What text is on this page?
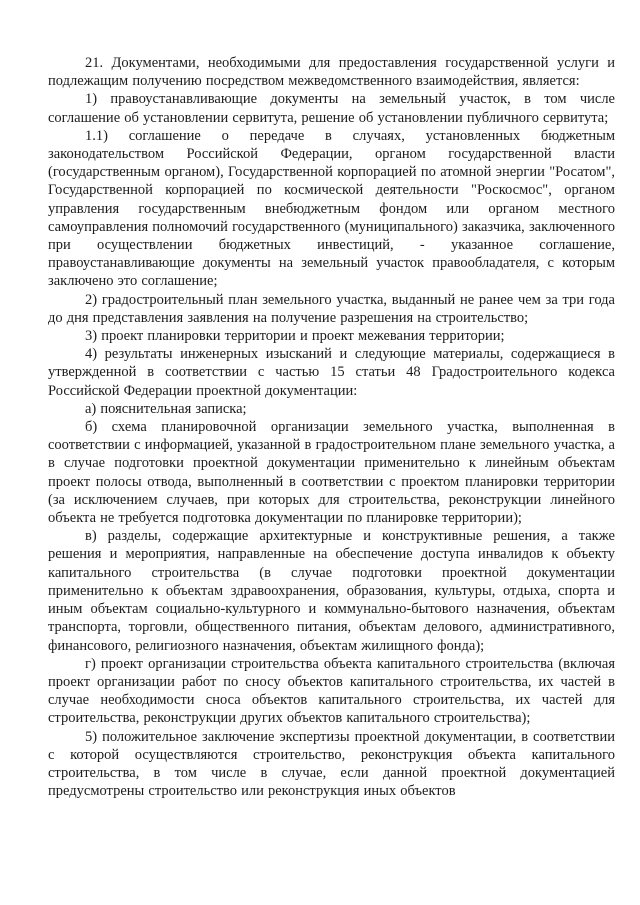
21. Документами, необходимыми для предоставления государственной услуги и подлежащим получению посредством межведомственного взаимодействия, является:

1) правоустанавливающие документы на земельный участок, в том числе соглашение об установлении сервитута, решение об установлении публичного сервитута;

1.1) соглашение о передаче в случаях, установленных бюджетным законодательством Российской Федерации, органом государственной власти (государственным органом), Государственной корпорацией по атомной энергии "Росатом", Государственной корпорацией по космической деятельности "Роскосмос", органом управления государственным внебюджетным фондом или органом местного самоуправления полномочий государственного (муниципального) заказчика, заключенного при осуществлении бюджетных инвестиций, - указанное соглашение, правоустанавливающие документы на земельный участок правообладателя, с которым заключено это соглашение;

2) градостроительный план земельного участка, выданный не ранее чем за три года до дня представления заявления на получение разрешения на строительство;

3) проект планировки территории и проект межевания территории;

4) результаты инженерных изысканий и следующие материалы, содержащиеся в утвержденной в соответствии с частью 15 статьи 48 Градостроительного кодекса Российской Федерации проектной документации:

а) пояснительная записка;

б) схема планировочной организации земельного участка, выполненная в соответствии с информацией, указанной в градостроительном плане земельного участка, а в случае подготовки проектной документации применительно к линейным объектам проект полосы отвода, выполненный в соответствии с проектом планировки территории (за исключением случаев, при которых для строительства, реконструкции линейного объекта не требуется подготовка документации по планировке территории);

в) разделы, содержащие архитектурные и конструктивные решения, а также решения и мероприятия, направленные на обеспечение доступа инвалидов к объекту капитального строительства (в случае подготовки проектной документации применительно к объектам здравоохранения, образования, культуры, отдыха, спорта и иным объектам социально-культурного и коммунально-бытового назначения, объектам транспорта, торговли, общественного питания, объектам делового, административного, финансового, религиозного назначения, объектам жилищного фонда);

г) проект организации строительства объекта капитального строительства (включая проект организации работ по сносу объектов капитального строительства, их частей в случае необходимости сноса объектов капитального строительства, их частей для строительства, реконструкции других объектов капитального строительства);

5) положительное заключение экспертизы проектной документации, в соответствии с которой осуществляются строительство, реконструкция объекта капитального строительства, в том числе в случае, если данной проектной документацией предусмотрены строительство или реконструкция иных объектов
